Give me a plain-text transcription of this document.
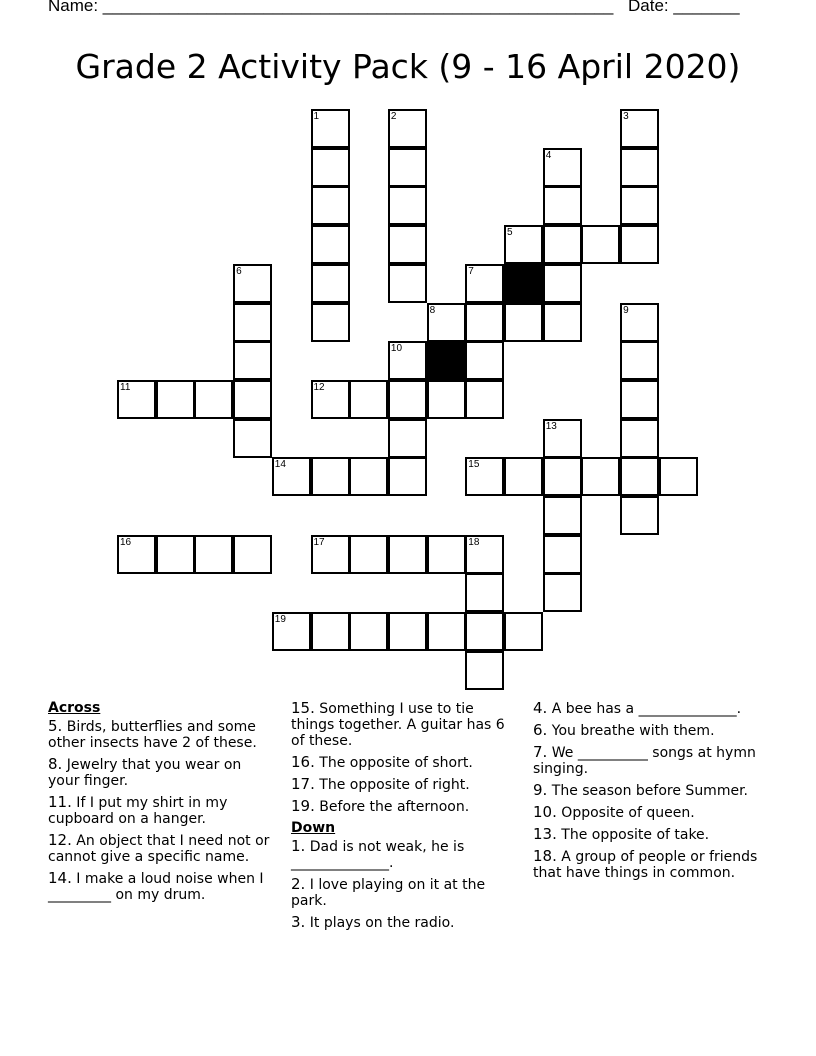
Name: ______________________________________________________ Date: _______
Grade 2 Activity Pack (9 - 16 April 2020)
1	2	3
4
5
6	7
8	9
10
11	12
13
14	15
16	17	18
19
Across
5. Birds, butterflies and some other insects have 2 of these.
8. Jewelry that you wear on your finger.
11. If I put my shirt in my cupboard on a hanger.
12. An object that I need not or cannot give a specific name.
14. I make a loud noise when I _________ on my drum.
15. Something I use to tie things together. A guitar has 6 of these.
16. The opposite of short.
17. The opposite of right.
19. Before the afternoon.
Down
1. Dad is not weak, he is ______________.
2. I love playing on it at the park.
3. It plays on the radio.
4. A bee has a ______________.
6. You breathe with them.
7. We __________ songs at hymn singing.
9. The season before Summer.
10. Opposite of queen.
13. The opposite of take.
18. A group of people or friends that have things in common.
